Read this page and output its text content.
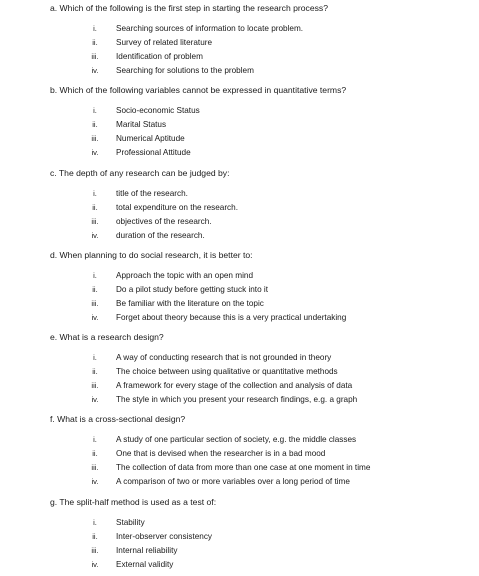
a. Which of the following is the first step in starting the research process?
i.	Searching sources of information to locate problem.
ii.	Survey of related literature
iii.	Identification of problem
iv.	Searching for solutions to the problem
b. Which of the following variables cannot be expressed in quantitative terms?
i.	Socio-economic Status
ii.	Marital Status
iii.	Numerical Aptitude
iv.	Professional Attitude
c. The depth of any research can be judged by:
i.	title of the research.
ii.	total expenditure on the research.
iii.	objectives of the research.
iv.	duration of the research.
d. When planning to do social research, it is better to:
i.	Approach the topic with an open mind
ii.	Do a pilot study before getting stuck into it
iii.	Be familiar with the literature on the topic
iv.	Forget about theory because this is a very practical undertaking
e. What is a research design?
i.	A way of conducting research that is not grounded in theory
ii.	The choice between using qualitative or quantitative methods
iii.	A framework for every stage of the collection and analysis of data
iv.	The style in which you present your research findings, e.g. a graph
f. What is a cross-sectional design?
i.	A study of one particular section of society, e.g. the middle classes
ii.	One that is devised when the researcher is in a bad mood
iii.	The collection of data from more than one case at one moment in time
iv.	A comparison of two or more variables over a long period of time
g. The split-half method is used as a test of:
i.	Stability
ii.	Inter-observer consistency
iii.	Internal reliability
iv.	External validity
